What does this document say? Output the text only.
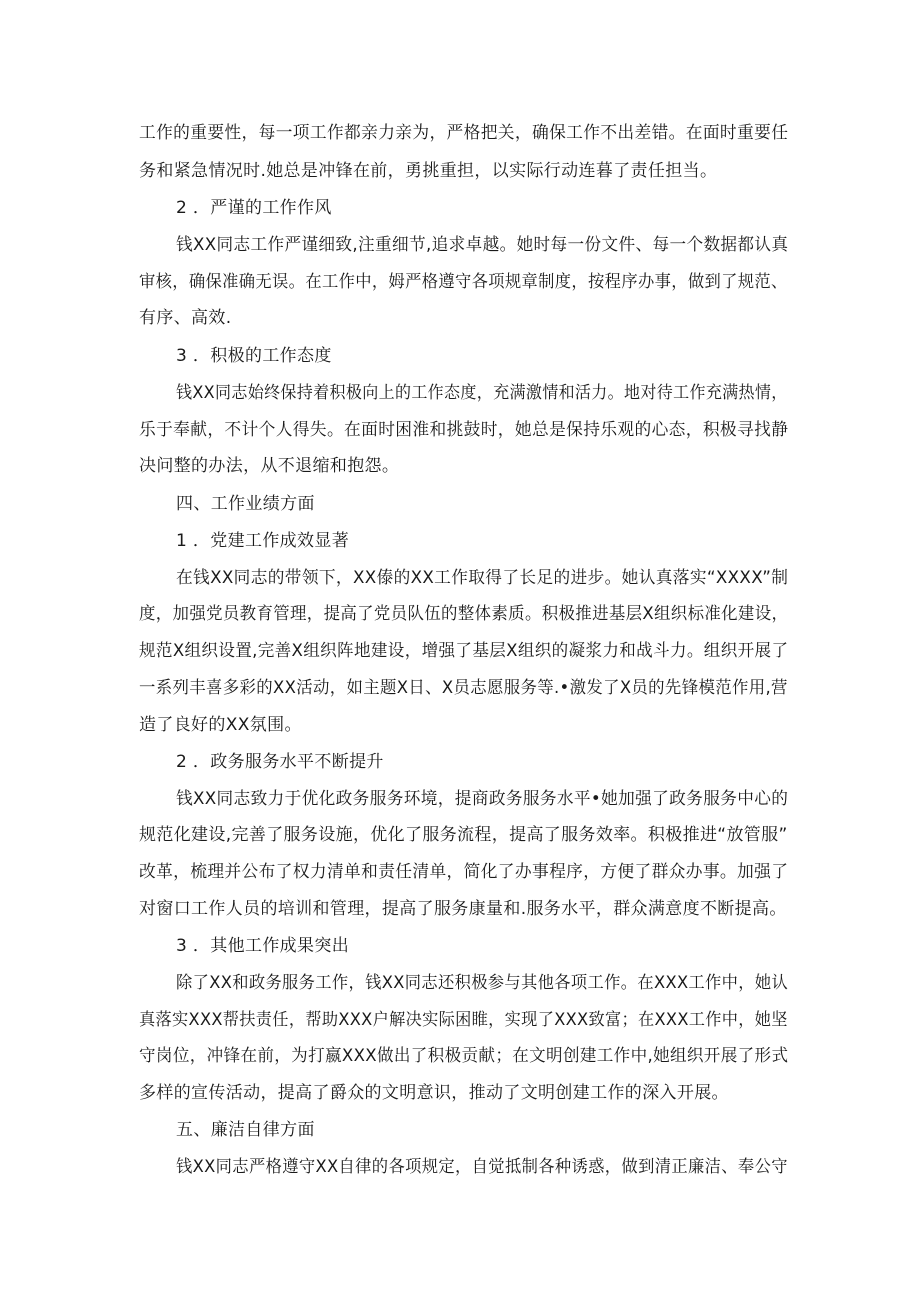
工作的重要性，每一项工作都亲力亲为，严格把关，确保工作不出差错。在面时重要任
务和紧急情况时.她总是冲锋在前，勇挑重担，以实际行动连暮了责任担当。
2 ．严谨的工作作风
钱XX同志工作严谨细致,注重细节,追求卓越。她时每一份文件、每一个数据都认真
审核，确保准确无误。在工作中，姆严格遵守各项规章制度，按程序办事，做到了规范、
有序、高效.
3 ．积极的工作态度
钱XX同志始终保持着积极向上的工作态度，充满激情和活力。地对待工作充满热情，
乐于奉献，不计个人得失。在面时困淮和挑鼓时，她总是保持乐观的心态，积极寻找静
决问整的办法，从不退缩和抱怨。
四、工作业绩方面
1 ．党建工作成效显著
在钱XX同志的带领下，XX傣的XX工作取得了长足的进步。她认真落实“XXXX”制
度，加强党员教育管理，提高了党员队伍的整体素质。积极推进基层X组织标准化建设，
规范X组织设置,完善X组织阵地建设，增强了基层X组织的凝浆力和战斗力。组织开展了
一系列丰喜多彩的XX活动，如主题X日、X员志愿服务等.•激发了X员的先锋模范作用,营
造了良好的XX氛围。
2 ．政务服务水平不断提升
钱XX同志致力于优化政务服务环境，提商政务服务水平•她加强了政务服务中心的
规范化建设,完善了服务设施，优化了服务流程，提高了服务效率。积极推进“放管服”
改革，梳理并公布了权力清单和责任清单，简化了办事程序，方便了群众办事。加强了
对窗口工作人员的培训和管理，提高了服务康量和.服务水平，群众满意度不断提高。
3 ．其他工作成果突出
除了XX和政务服务工作，钱XX同志还积极参与其他各项工作。在XXX工作中，她认
真落实XXX帮扶责任，帮助XXX户解决实际困睢，实现了XXX致富；在XXX工作中，她坚
守岗位，冲锋在前，为打嬴XXX做出了积极贡献；在文明创建工作中,她组织开展了形式
多样的宣传活动，提高了爵众的文明意识，推动了文明创建工作的深入开展。
五、廉洁自律方面
钱XX同志严格遵守XX自律的各项规定，自觉抵制各种诱惑，做到清正廉洁、奉公守
